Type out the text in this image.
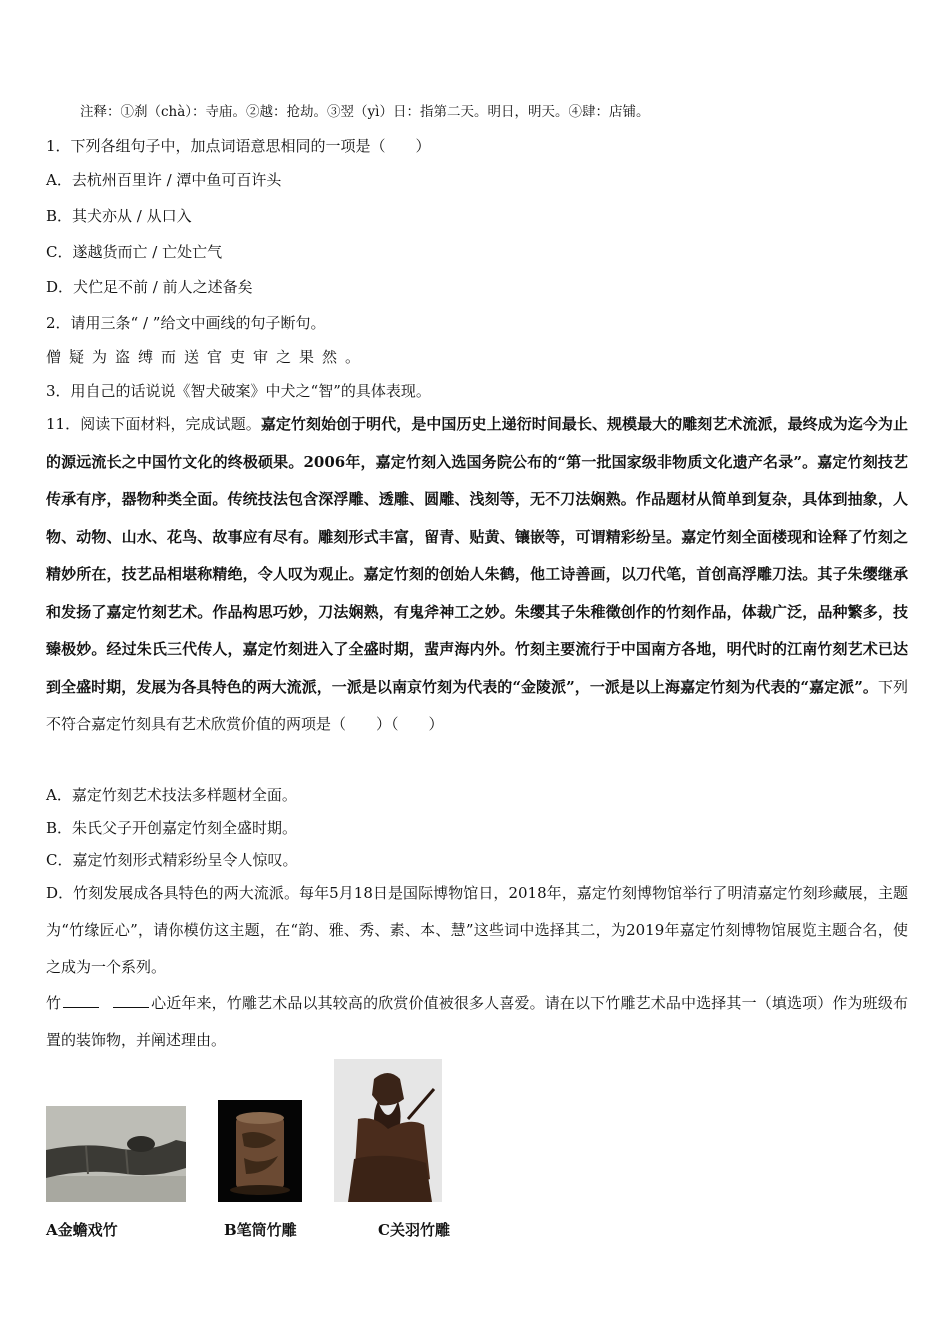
注释：①刹（chà）：寺庙。②越：抢劫。③翌（yì）日：指第二天。明日，明天。④肆：店铺。
1．下列各组句子中，加点词语意思相同的一项是（　　）
A．去杭州百里许 / 潭中鱼可百许头
B．其犬亦从 / 从口入
C．遂越货而亡 / 亡处亡气
D．犬伫足不前 / 前人之述备矣
2．请用三条“ / ”给文中画线的句子断句。
僧疑为盗缚而送官吏审之果然。
3．用自己的话说说《智犬破案》中犬之“智”的具体表现。
11．阅读下面材料，完成试题。嘉定竹刻始创于明代，是中国历史上递衍时间最长、规模最大的雕刻艺术流派，最终成为迄今为止的源远流长之中国竹文化的终极硕果。2006年，嘉定竹刻入选国务院公布的“第一批国家级非物质文化遗产名录”。嘉定竹刻技艺传承有序，器物种类全面。传统技法包含深浮雕、透雕、圆雕、浅刻等，无不刀法娴熟。作品题材从简单到复杂，具体到抽象，人物、动物、山水、花鸟、故事应有尽有。雕刻形式丰富，留青、贴黄、镶嵌等，可谓精彩纷呈。嘉定竹刻全面楼现和诠释了竹刻之精妙所在，技艺品相堪称精绝，令人叹为观止。嘉定竹刻的创始人朱鹤，他工诗善画，以刀代笔，首创高浮雕刀法。其子朱缨继承和发扬了嘉定竹刻艺术。作品构思巧妙，刀法娴熟，有鬼斧神工之妙。朱缨其子朱稚徵创作的竹刻作品，体裁广泛，品种繁多，技臻极妙。经过朱氏三代传人，嘉定竹刻进入了全盛时期，蜚声海内外。竹刻主要流行于中国南方各地，明代时的江南竹刻艺术已达到全盛时期，发展为各具特色的两大流派，一派是以南京竹刻为代表的“金陵派”，一派是以上海嘉定竹刻为代表的“嘉定派”。下列不符合嘉定竹刻具有艺术欣赏价值的两项是（　　）（　　）
A．嘉定竹刻艺术技法多样题材全面。
B．朱氏父子开创嘉定竹刻全盛时期。
C．嘉定竹刻形式精彩纷呈令人惊叹。
D．竹刻发展成各具特色的两大流派。每年5月18日是国际博物馆日，2018年，嘉定竹刻博物馆举行了明清嘉定竹刻珍藏展，主题为“竹缘匠心”，请你模仿这主题，在“韵、雅、秀、素、本、慧”这些词中选择其二，为2019年嘉定竹刻博物馆展览主题合名，使之成为一个系列。
竹	心近年来，竹雕艺术品以其较高的欣赏价值被很多人喜爱。请在以下竹雕艺术品中选择其一（填选项）作为班级布置的装饰物，并阐述理由。
A金蟾戏竹	B笔筒竹雕	C关羽竹雕
